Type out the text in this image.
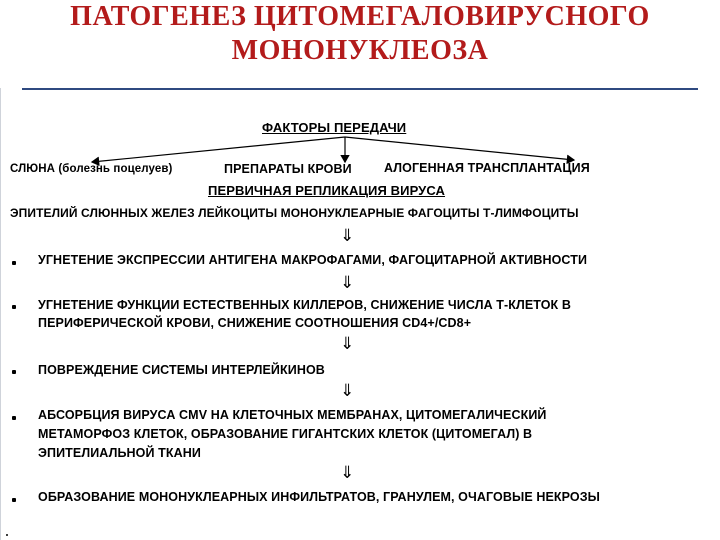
ПАТОГЕНЕЗ ЦИТОМЕГАЛОВИРУСНОГО
МОНОНУКЛЕОЗА
ФАКТОРЫ ПЕРЕДАЧИ
СЛЮНА (болезнь поцелуев)	ПРЕПАРАТЫ КРОВИ	АЛОГЕННАЯ ТРАНСПЛАНТАЦИЯ
ПЕРВИЧНАЯ РЕПЛИКАЦИЯ ВИРУСА
ЭПИТЕЛИЙ СЛЮННЫХ ЖЕЛЕЗ ЛЕЙКОЦИТЫ МОНОНУКЛЕАРНЫЕ ФАГОЦИТЫ Т-ЛИМФОЦИТЫ
⇓
УГНЕТЕНИЕ ЭКСПРЕССИИ АНТИГЕНА МАКРОФАГАМИ, ФАГОЦИТАРНОЙ АКТИВНОСТИ
⇓
УГНЕТЕНИЕ ФУНКЦИИ ЕСТЕСТВЕННЫХ КИЛЛЕРОВ, СНИЖЕНИЕ ЧИСЛА Т-КЛЕТОК В
ПЕРИФЕРИЧЕСКОЙ КРОВИ, СНИЖЕНИЕ СООТНОШЕНИЯ CD4+/CD8+
⇓
ПОВРЕЖДЕНИЕ СИСТЕМЫ ИНТЕРЛЕЙКИНОВ
⇓
АБСОРБЦИЯ ВИРУСА CMV НА КЛЕТОЧНЫХ МЕМБРАНАХ, ЦИТОМЕГАЛИЧЕСКИЙ
МЕТАМОРФОЗ КЛЕТОК, ОБРАЗОВАНИЕ ГИГАНТСКИХ КЛЕТОК (ЦИТОМЕГАЛ) В
ЭПИТЕЛИАЛЬНОЙ ТКАНИ
⇓
ОБРАЗОВАНИЕ МОНОНУКЛЕАРНЫХ ИНФИЛЬТРАТОВ, ГРАНУЛЕМ, ОЧАГОВЫЕ НЕКРОЗЫ
